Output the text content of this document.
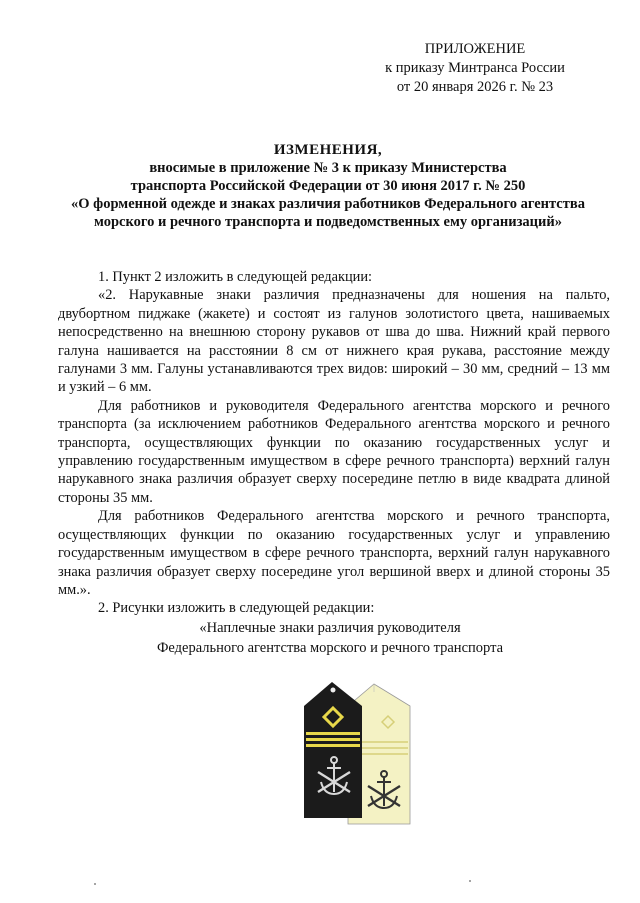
ПРИЛОЖЕНИЕ
к приказу Минтранса России
от 20 января 2026 г. № 23
ИЗМЕНЕНИЯ,
вносимые в приложение № 3 к приказу Министерства
транспорта Российской Федерации от 30 июня 2017 г. № 250
«О форменной одежде и знаках различия работников Федерального агентства
морского и речного транспорта и подведомственных ему организаций»

1. Пункт 2 изложить в следующей редакции:

«2. Нарукавные знаки различия предназначены для ношения на пальто, двубортном пиджаке (жакете) и состоят из галунов золотистого цвета, нашиваемых непосредственно на внешнюю сторону рукавов от шва до шва. Нижний край первого галуна нашивается на расстоянии 8 см от нижнего края рукава, расстояние между галунами 3 мм. Галуны устанавливаются трех видов: широкий – 30 мм, средний – 13 мм и узкий – 6 мм.

Для работников и руководителя Федерального агентства морского и речного транспорта (за исключением работников Федерального агентства морского и речного транспорта, осуществляющих функции по оказанию государственных услуг и управлению государственным имуществом в сфере речного транспорта) верхний галун нарукавного знака различия образует сверху посередине петлю в виде квадрата длиной стороны 35 мм.

Для работников Федерального агентства морского и речного транспорта, осуществляющих функции по оказанию государственных услуг и управлению государственным имуществом в сфере речного транспорта, верхний галун нарукавного знака различия образует сверху посередине угол вершиной вверх и длиной стороны 35 мм.».

2. Рисунки изложить в следующей редакции:

«Наплечные знаки различия руководителя
Федерального агентства морского и речного транспорта
